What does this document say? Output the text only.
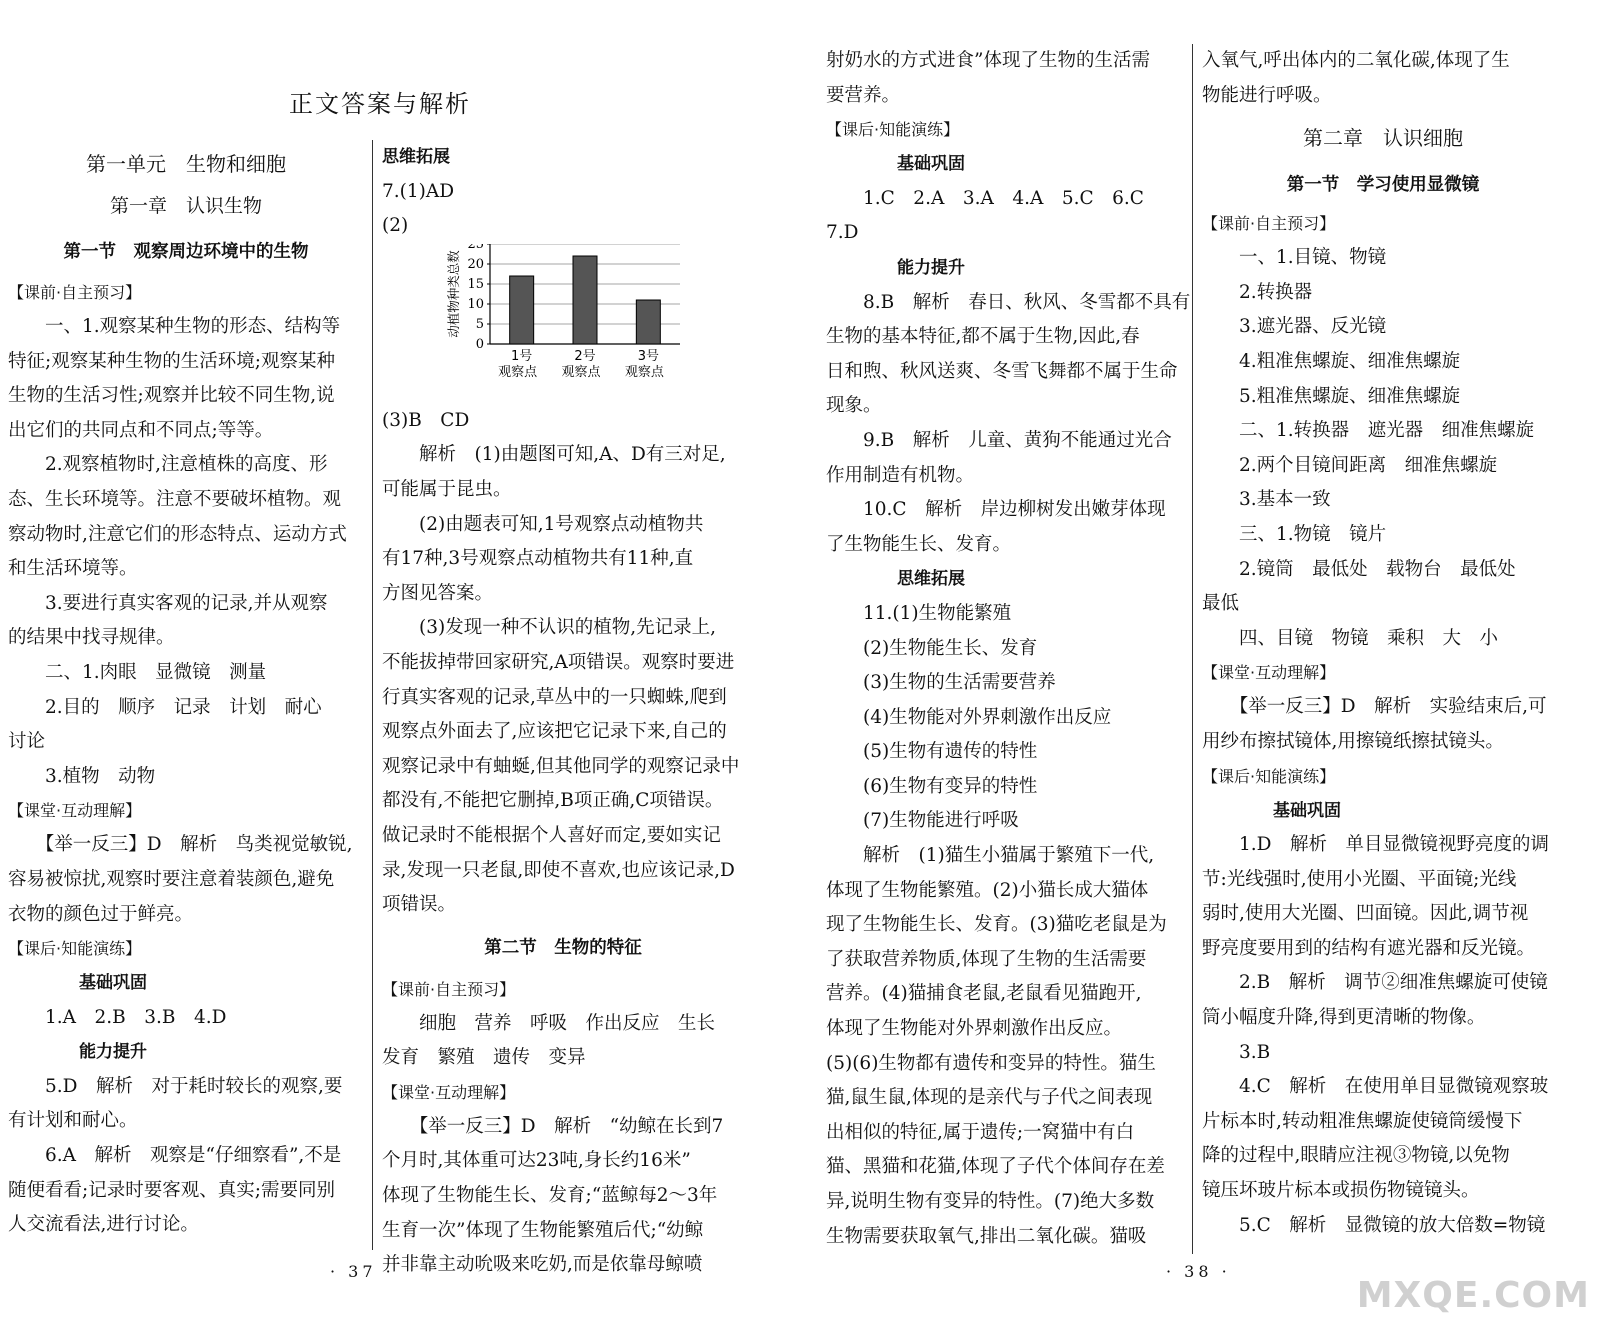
正文答案与解析

第一单元　生物和细胞

第一章　认识生物

第一节　观察周边环境中的生物

【课前·自主预习】

　　一、1.观察某种生物的形态、结构等

特征;观察某种生物的生活环境;观察某种

生物的生活习性;观察并比较不同生物,说

出它们的共同点和不同点;等等。

　　2.观察植物时,注意植株的高度、形

态、生长环境等。注意不要破坏植物。观

察动物时,注意它们的形态特点、运动方式

和生活环境等。

　　3.要进行真实客观的记录,并从观察

的结果中找寻规律。

　　二、1.肉眼　显微镜　测量

　　2.目的　顺序　记录　计划　耐心

讨论

　　3.植物　动物

【课堂·互动理解】

　　【举一反三】D　解析　鸟类视觉敏锐,

容易被惊扰,观察时要注意着装颜色,避免

衣物的颜色过于鲜亮。

【课后·知能演练】

　　基础巩固

　　1.A　2.B　3.B　4.D

　　能力提升

　　5.D　解析　对于耗时较长的观察,要

有计划和耐心。

　　6.A　解析　观察是“仔细察看”,不是

随便看看;记录时要客观、真实;需要同别

人交流看法,进行讨论。

思维拓展

7.(1)AD

(2)

0
5
10
15
20
25
动植物种类总数
1号
观察点
2号
观察点
3号
观察点

(3)B　CD

　　解析　(1)由题图可知,A、D有三对足,

可能属于昆虫。

　　(2)由题表可知,1号观察点动植物共

有17种,3号观察点动植物共有11种,直

方图见答案。

　　(3)发现一种不认识的植物,先记录上,

不能拔掉带回家研究,A项错误。观察时要进

行真实客观的记录,草丛中的一只蜘蛛,爬到

观察点外面去了,应该把它记录下来,自己的

观察记录中有蚰蜒,但其他同学的观察记录中

都没有,不能把它删掉,B项正确,C项错误。

做记录时不能根据个人喜好而定,要如实记

录,发现一只老鼠,即使不喜欢,也应该记录,D

项错误。

第二节　生物的特征

【课前·自主预习】

　　细胞　营养　呼吸　作出反应　生长

发育　繁殖　遗传　变异

【课堂·互动理解】

　　【举一反三】D　解析　“幼鲸在长到7

个月时,其体重可达23吨,身长约16米”

体现了生物能生长、发育;“蓝鲸每2～3年

生育一次”体现了生物能繁殖后代;“幼鲸

并非靠主动吮吸来吃奶,而是依靠母鲸喷

· 37 ·

射奶水的方式进食”体现了生物的生活需

要营养。

【课后·知能演练】

　　基础巩固

　　1.C　2.A　3.A　4.A　5.C　6.C

7.D

　　能力提升

　　8.B　解析　春日、秋风、冬雪都不具有

生物的基本特征,都不属于生物,因此,春

日和煦、秋风送爽、冬雪飞舞都不属于生命

现象。

　　9.B　解析　儿童、黄狗不能通过光合

作用制造有机物。

　　10.C　解析　岸边柳树发出嫩芽体现

了生物能生长、发育。

　　思维拓展

　　11.(1)生物能繁殖

　　(2)生物能生长、发育

　　(3)生物的生活需要营养

　　(4)生物能对外界刺激作出反应

　　(5)生物有遗传的特性

　　(6)生物有变异的特性

　　(7)生物能进行呼吸

　　解析　(1)猫生小猫属于繁殖下一代,

体现了生物能繁殖。(2)小猫长成大猫体

现了生物能生长、发育。(3)猫吃老鼠是为

了获取营养物质,体现了生物的生活需要

营养。(4)猫捕食老鼠,老鼠看见猫跑开,

体现了生物能对外界刺激作出反应。

(5)(6)生物都有遗传和变异的特性。猫生

猫,鼠生鼠,体现的是亲代与子代之间表现

出相似的特征,属于遗传;一窝猫中有白

猫、黑猫和花猫,体现了子代个体间存在差

异,说明生物有变异的特性。(7)绝大多数

生物需要获取氧气,排出二氧化碳。猫吸

入氧气,呼出体内的二氧化碳,体现了生

物能进行呼吸。

第二章　认识细胞

第一节　学习使用显微镜

【课前·自主预习】

　　一、1.目镜、物镜

　　2.转换器

　　3.遮光器、反光镜

　　4.粗准焦螺旋、细准焦螺旋

　　5.粗准焦螺旋、细准焦螺旋

　　二、1.转换器　遮光器　细准焦螺旋

　　2.两个目镜间距离　细准焦螺旋

　　3.基本一致

　　三、1.物镜　镜片

　　2.镜筒　最低处　载物台　最低处

最低

　　四、目镜　物镜　乘积　大　小

【课堂·互动理解】

　　【举一反三】D　解析　实验结束后,可

用纱布擦拭镜体,用擦镜纸擦拭镜头。

【课后·知能演练】

　　基础巩固

　　1.D　解析　单目显微镜视野亮度的调

节:光线强时,使用小光圈、平面镜;光线

弱时,使用大光圈、凹面镜。因此,调节视

野亮度要用到的结构有遮光器和反光镜。

　　2.B　解析　调节②细准焦螺旋可使镜

筒小幅度升降,得到更清晰的物像。

　　3.B

　　4.C　解析　在使用单目显微镜观察玻

片标本时,转动粗准焦螺旋使镜筒缓慢下

降的过程中,眼睛应注视③物镜,以免物

镜压坏玻片标本或损伤物镜镜头。

　　5.C　解析　显微镜的放大倍数=物镜

· 38 ·
MXQE.COM
